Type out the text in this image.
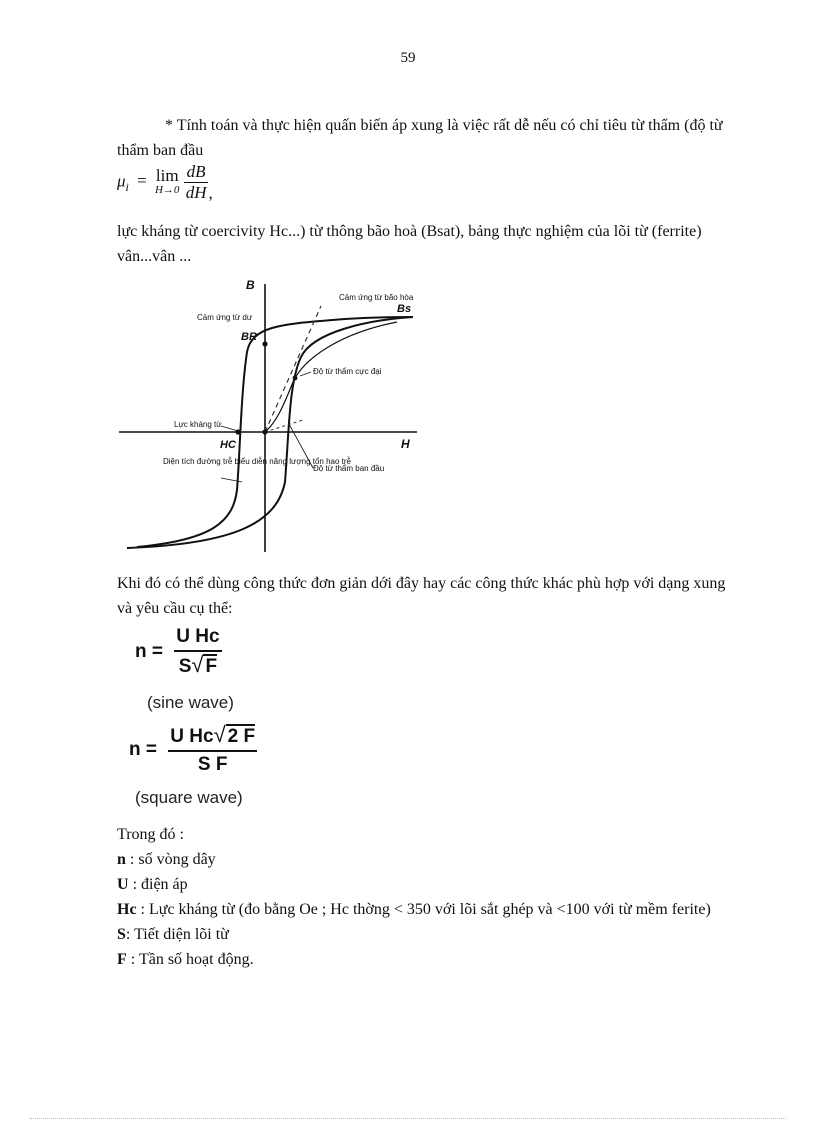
59
* Tính toán và thực hiện quấn biến áp xung là việc rất dễ nếu có chỉ tiêu từ thẩm (độ từ thẩm ban đầu
$\mu_i = \lim$
H→0
$\frac{dB}{dH}$ ,
lực kháng từ coercivity Hc...) từ thông bão hoà (Bsat), bảng thực nghiệm của lõi từ (ferrite) vân...vân ...
B
H
Cảm ứng từ bão hòa
Bs
Cảm ứng từ dư
BR
Độ từ thẩm cực đại
Lực kháng từ
HC
Độ từ thẩm ban đầu
Diện tích đường trễ biểu diễn năng lượng tổn hao trễ
Khi đó có thể dùng công thức đơn giản dới đây hay các công thức khác phù hợp với dạng xung và yêu cầu cụ thể:
$n = \frac{\text{U Hc}}{S√ F}$
(sine wave)
$n = \frac{\text{U Hc√ 2 F}}{\text{S F}}$
(square wave)
Trong đó :
n : số vòng dây
U : điện áp
Hc : Lực kháng từ (đo bằng Oe ; Hc thờng < 350 với lõi sắt ghép và <100 với từ mềm ferite)
S: Tiết diện lõi từ
F : Tần số hoạt động.
